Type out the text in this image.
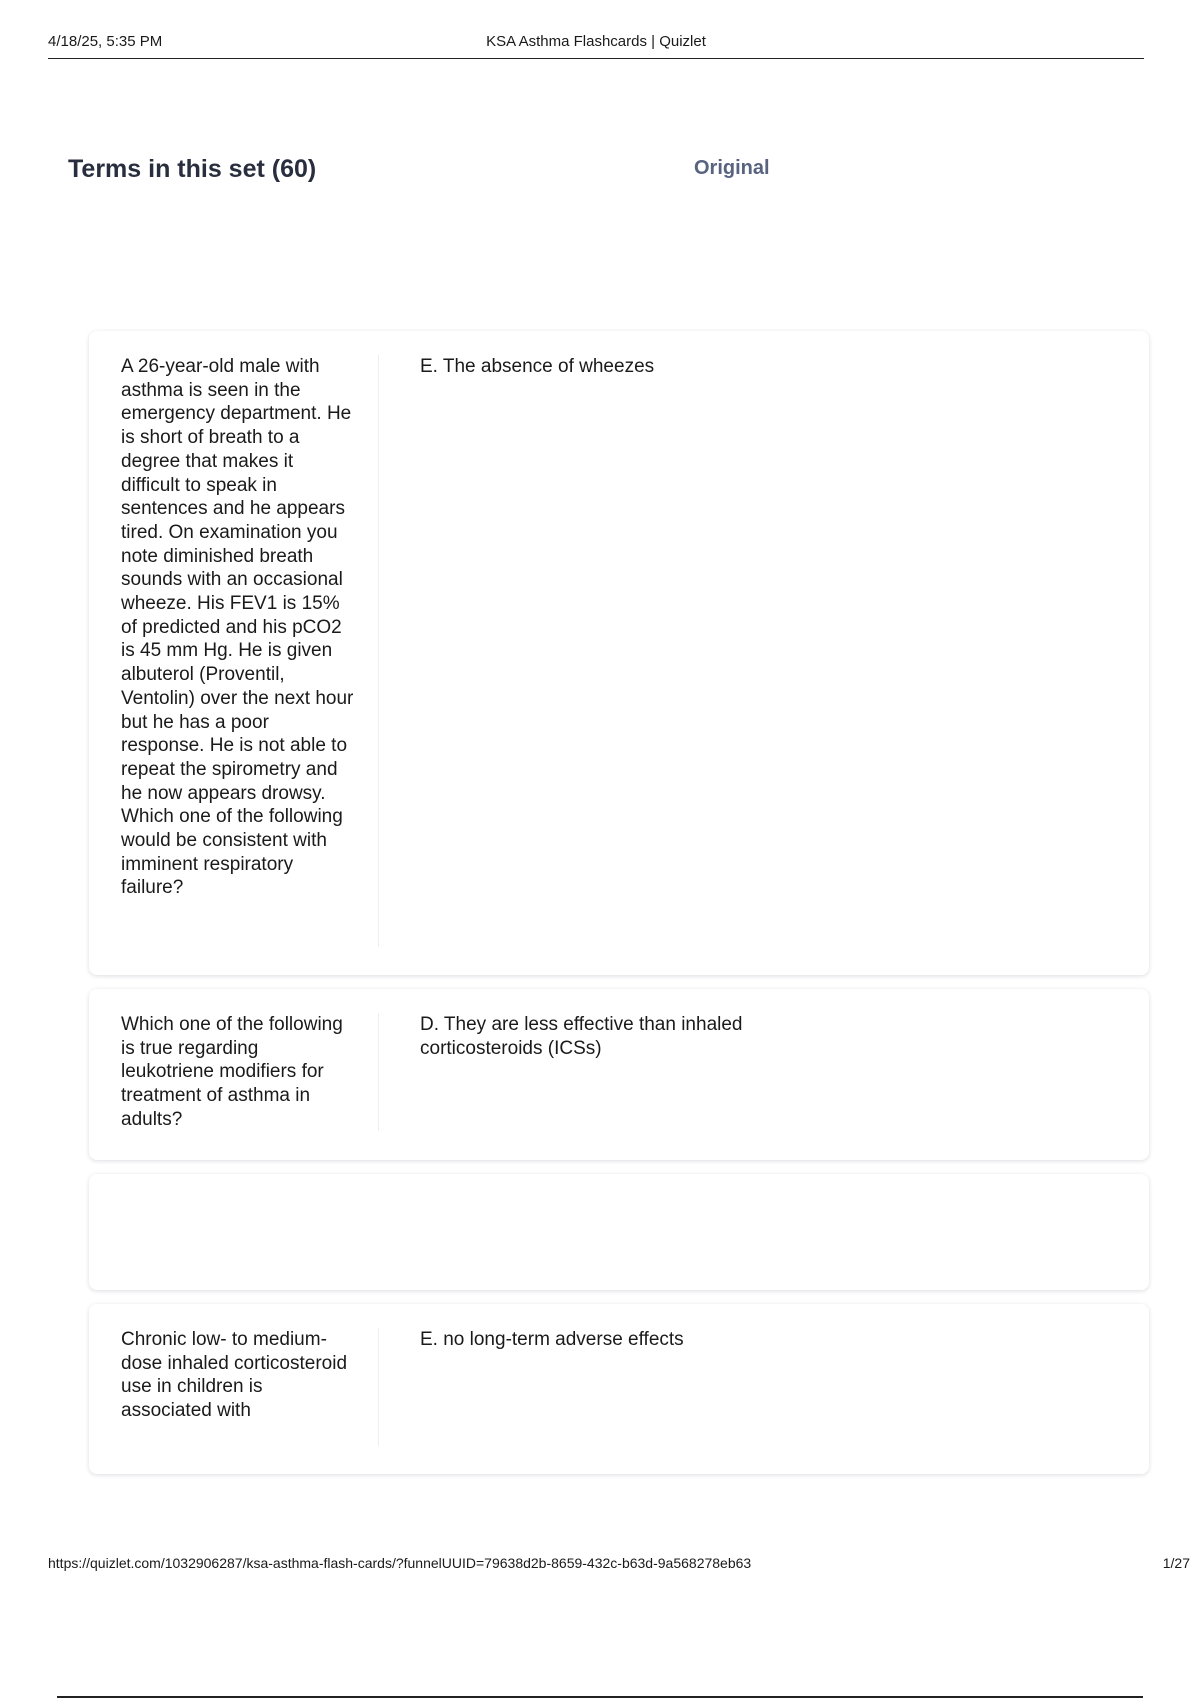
4/18/25, 5:35 PM	KSA Asthma Flashcards | Quizlet
Terms in this set (60)	Original
A 26-year-old male with asthma is seen in the emergency department. He is short of breath to a degree that makes it difficult to speak in sentences and he appears tired. On examination you note diminished breath sounds with an occasional wheeze. His FEV1 is 15% of predicted and his pCO2 is 45 mm Hg. He is given albuterol (Proventil, Ventolin) over the next hour but he has a poor response. He is not able to repeat the spirometry and he now appears drowsy. Which one of the following would be consistent with imminent respiratory failure?
E. The absence of wheezes
Which one of the following is true regarding leukotriene modifiers for treatment of asthma in adults?
D. They are less effective than inhaled corticosteroids (ICSs)
Chronic low- to medium-dose inhaled corticosteroid use in children is associated with
E. no long-term adverse effects
https://quizlet.com/1032906287/ksa-asthma-flash-cards/?funnelUUID=79638d2b-8659-432c-b63d-9a568278eb63	1/27
